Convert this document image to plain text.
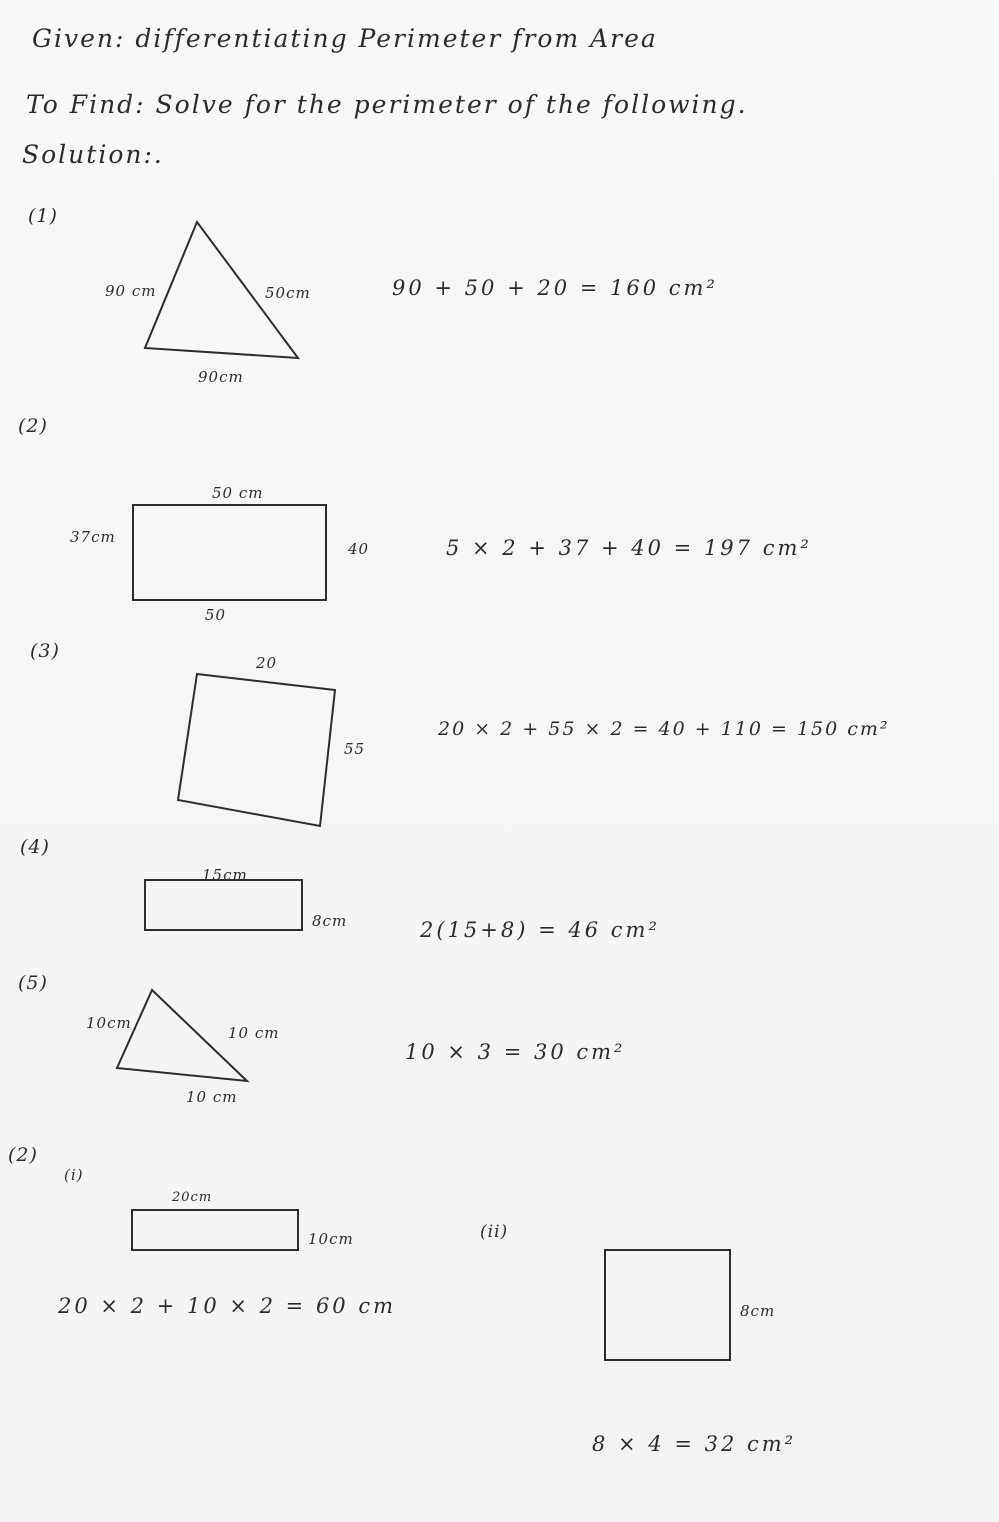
Given: differentiating Perimeter from Area
To Find: Solve for the perimeter of the following.
Solution:.
(1)
90 cm	50cm
90cm
90 + 50 + 20 = 160 cm²
(2)
50 cm
37cm
40
50
5 × 2 + 37 + 40 = 197 cm²
(3)
20
55
20 × 2 + 55 × 2 = 40 + 110 = 150 cm²
(4)
15cm
8cm	2(15+8) = 46 cm²
(5)
10cm
10 cm
10 cm
10 × 3 = 30 cm²
(2)
(i)
20cm
10cm
20 × 2 + 10 × 2 = 60 cm
(ii)
8cm
8 × 4 = 32 cm²
